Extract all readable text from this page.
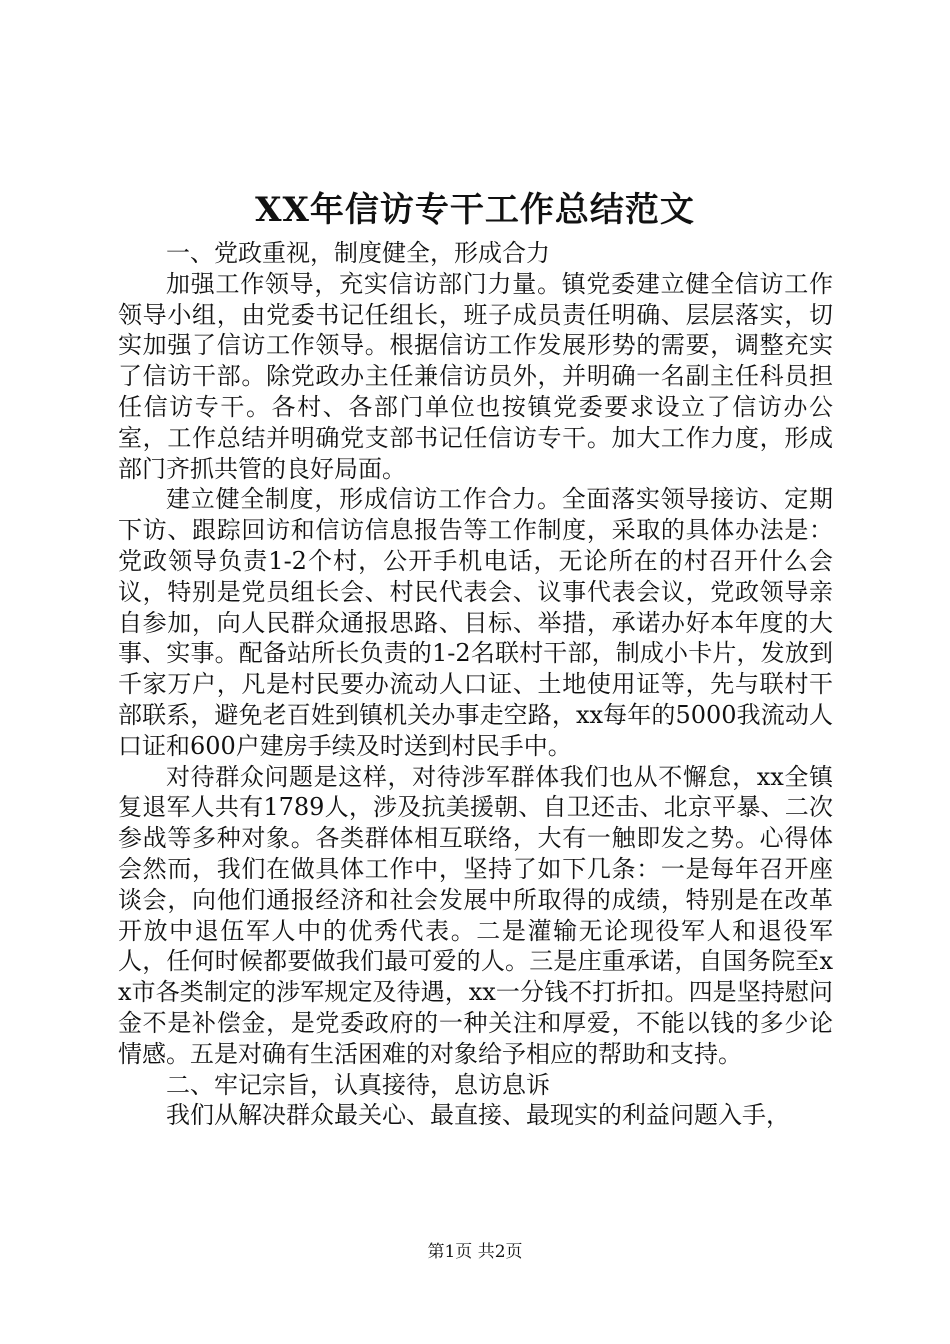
XX年信访专干工作总结范文

一、党政重视，制度健全，形成合力

加强工作领导，充实信访部门力量。镇党委建立健全信访工作领导小组，由党委书记任组长，班子成员责任明确、层层落实，切实加强了信访工作领导。根据信访工作发展形势的需要，调整充实了信访干部。除党政办主任兼信访员外，并明确一名副主任科员担任信访专干。各村、各部门单位也按镇党委要求设立了信访办公室，工作总结并明确党支部书记任信访专干。加大工作力度，形成部门齐抓共管的良好局面。

建立健全制度，形成信访工作合力。全面落实领导接访、定期下访、跟踪回访和信访信息报告等工作制度，采取的具体办法是：党政领导负责1-2个村，公开手机电话，无论所在的村召开什么会议，特别是党员组长会、村民代表会、议事代表会议，党政领导亲自参加，向人民群众通报思路、目标、举措，承诺办好本年度的大事、实事。配备站所长负责的1-2名联村干部，制成小卡片，发放到千家万户，凡是村民要办流动人口证、土地使用证等，先与联村干部联系，避免老百姓到镇机关办事走空路，xx每年的5000我流动人口证和600户建房手续及时送到村民手中。

对待群众问题是这样，对待涉军群体我们也从不懈怠，xx全镇复退军人共有1789人，涉及抗美援朝、自卫还击、北京平暴、二次参战等多种对象。各类群体相互联络，大有一触即发之势。心得体会然而，我们在做具体工作中，坚持了如下几条：一是每年召开座谈会，向他们通报经济和社会发展中所取得的成绩，特别是在改革开放中退伍军人中的优秀代表。二是灌输无论现役军人和退役军人，任何时候都要做我们最可爱的人。三是庄重承诺，自国务院至xx市各类制定的涉军规定及待遇，xx一分钱不打折扣。四是坚持慰问金不是补偿金，是党委政府的一种关注和厚爱，不能以钱的多少论情感。五是对确有生活困难的对象给予相应的帮助和支持。

二、牢记宗旨，认真接待，息访息诉

我们从解决群众最关心、最直接、最现实的利益问题入手，

第1页 共2页
